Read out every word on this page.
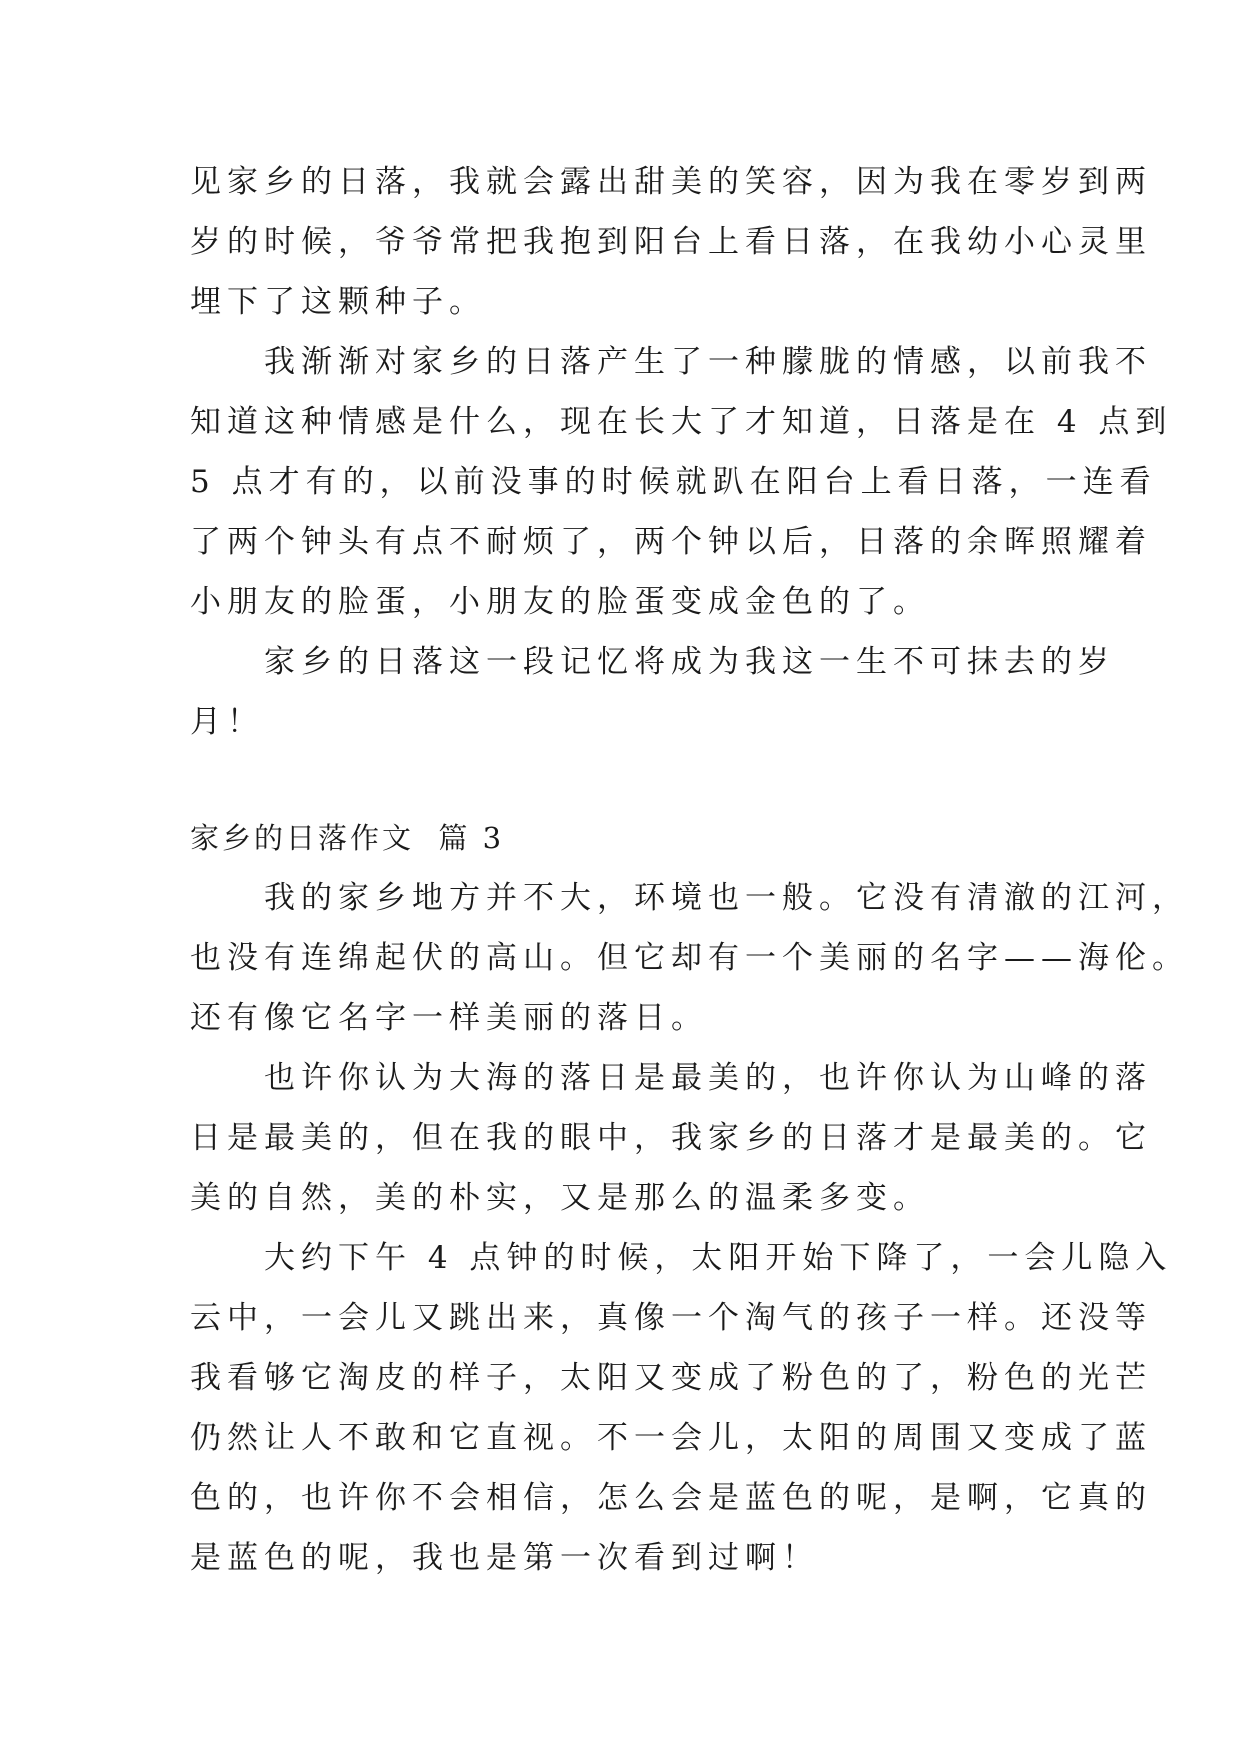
见家乡的日落，我就会露出甜美的笑容，因为我在零岁到两
岁的时候，爷爷常把我抱到阳台上看日落，在我幼小心灵里
埋下了这颗种子。
　　我渐渐对家乡的日落产生了一种朦胧的情感，以前我不
知道这种情感是什么，现在长大了才知道，日落是在 4 点到
5 点才有的，以前没事的时候就趴在阳台上看日落，一连看
了两个钟头有点不耐烦了，两个钟以后，日落的余晖照耀着
小朋友的脸蛋，小朋友的脸蛋变成金色的了。
　　家乡的日落这一段记忆将成为我这一生不可抹去的岁
月！
家乡的日落作文  篇 3
　　我的家乡地方并不大，环境也一般。它没有清澈的江河，
也没有连绵起伏的高山。但它却有一个美丽的名字——海伦。
还有像它名字一样美丽的落日。
　　也许你认为大海的落日是最美的，也许你认为山峰的落
日是最美的，但在我的眼中，我家乡的日落才是最美的。它
美的自然，美的朴实，又是那么的温柔多变。
　　大约下午 4 点钟的时候，太阳开始下降了，一会儿隐入
云中，一会儿又跳出来，真像一个淘气的孩子一样。还没等
我看够它淘皮的样子，太阳又变成了粉色的了，粉色的光芒
仍然让人不敢和它直视。不一会儿，太阳的周围又变成了蓝
色的，也许你不会相信，怎么会是蓝色的呢，是啊，它真的
是蓝色的呢，我也是第一次看到过啊！
